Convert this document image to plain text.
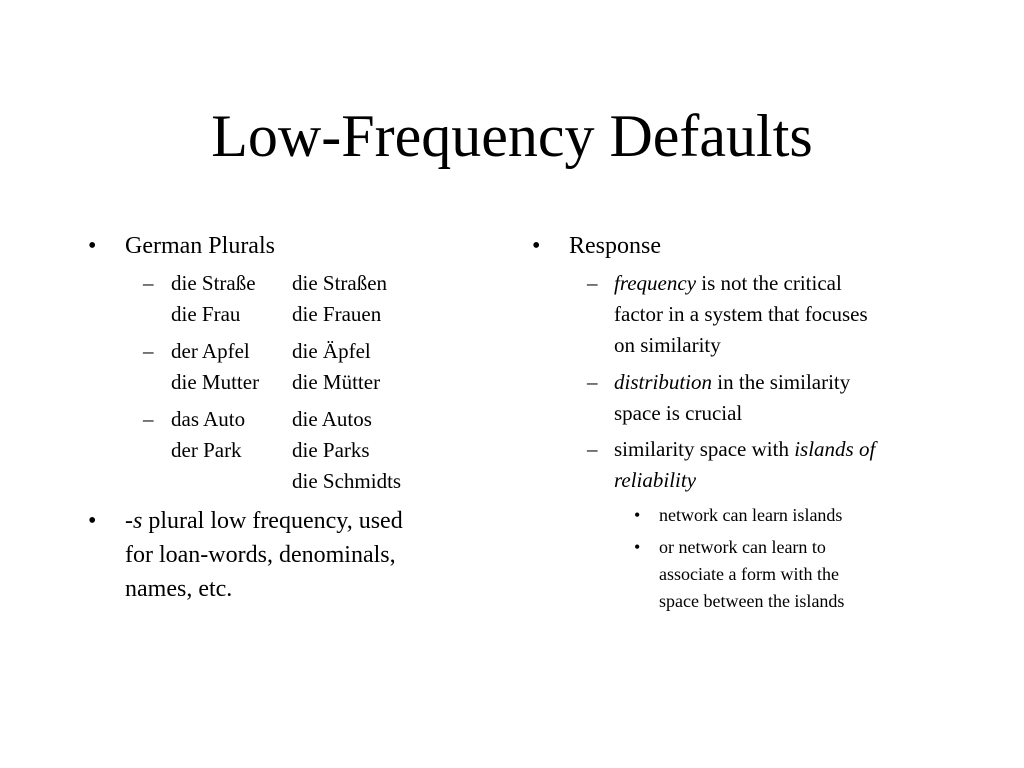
Low-Frequency Defaults
• German Plurals
– die Straße die Straßen
die Frau die Frauen
– der Apfel die Äpfel
die Mutter die Mütter
– das Auto die Autos
der Park die Parks
die Schmidts
• -s plural low frequency, used
for loan-words, denominals,
names, etc.
• Response
– frequency is not the critical
factor in a system that focuses
on similarity
– distribution in the similarity
space is crucial
– similarity space with islands of
reliability
• network can learn islands
• or network can learn to
associate a form with the
space between the islands
